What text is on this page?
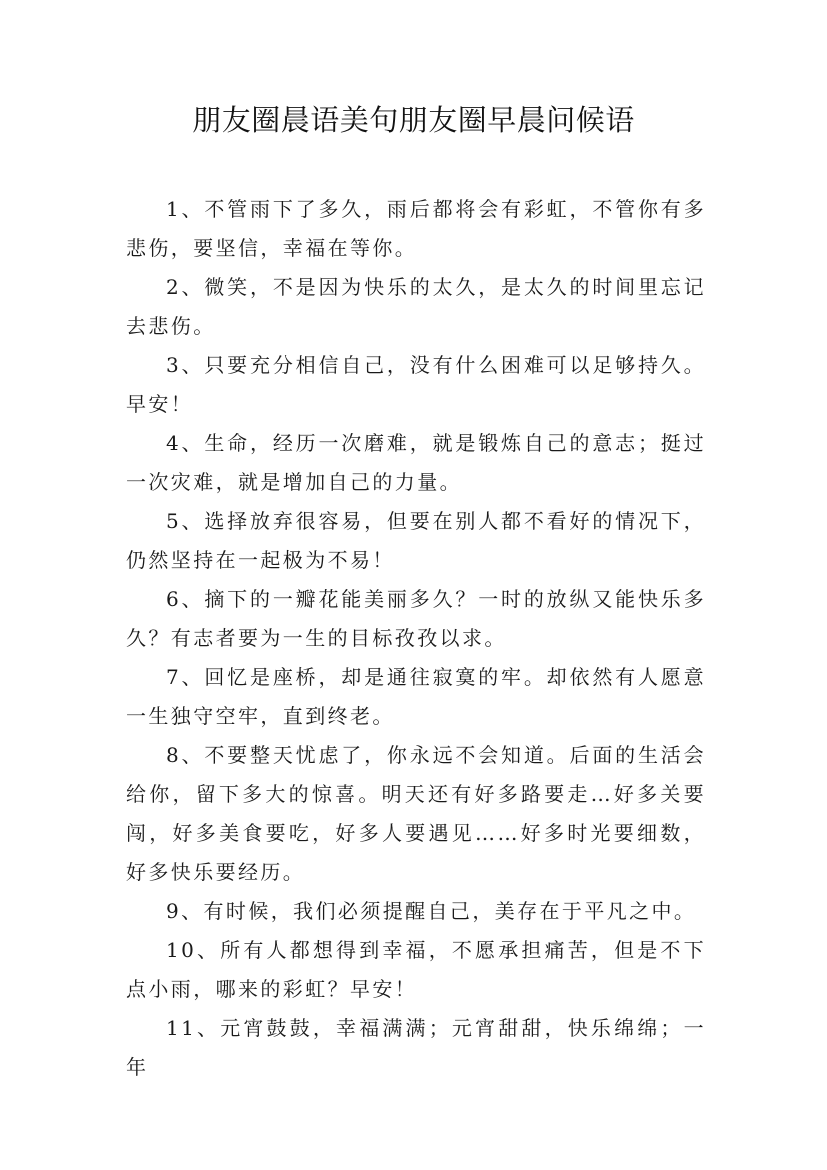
朋友圈晨语美句朋友圈早晨问候语

1、不管雨下了多久，雨后都将会有彩虹，不管你有多悲伤，要坚信，幸福在等你。

2、微笑，不是因为快乐的太久，是太久的时间里忘记去悲伤。

3、只要充分相信自己，没有什么困难可以足够持久。早安！

4、生命，经历一次磨难，就是锻炼自己的意志；挺过一次灾难，就是增加自己的力量。

5、选择放弃很容易，但要在别人都不看好的情况下，仍然坚持在一起极为不易！

6、摘下的一瓣花能美丽多久？一时的放纵又能快乐多久？有志者要为一生的目标孜孜以求。

7、回忆是座桥，却是通往寂寞的牢。却依然有人愿意一生独守空牢，直到终老。

8、不要整天忧虑了，你永远不会知道。后面的生活会给你，留下多大的惊喜。明天还有好多路要走…好多关要闯，好多美食要吃，好多人要遇见……好多时光要细数，好多快乐要经历。

9、有时候，我们必须提醒自己，美存在于平凡之中。

10、所有人都想得到幸福，不愿承担痛苦，但是不下点小雨，哪来的彩虹？早安！

11、元宵鼓鼓，幸福满满；元宵甜甜，快乐绵绵；一年
